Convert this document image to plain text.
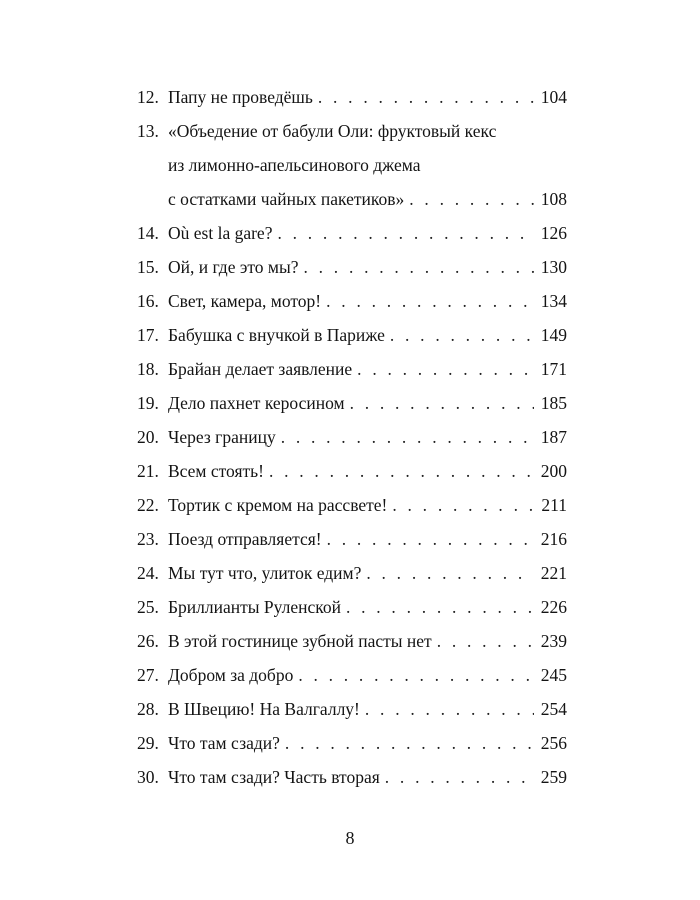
12. Папу не проведёшь . . .	104
13. «Объедение от бабули Оли: фруктовый кекс
из лимонно-апельсинового джема
с остатками чайных пакетиков» . . .	108
14. Où est la gare? . . .	126
15. Ой, и где это мы? . . .	130
16. Свет, камера, мотор! . . .	134
17. Бабушка с внучкой в Париже . . .	149
18. Брайан делает заявление . . .	171
19. Дело пахнет керосином . . .	185
20. Через границу . . .	187
21. Всем стоять! . . .	200
22. Тортик с кремом на рассвете! . . .	211
23. Поезд отправляется! . . .	216
24. Мы тут что, улиток едим? . . .	221
25. Бриллианты Руленской . . .	226
26. В этой гостинице зубной пасты нет . . .	239
27. Добром за добро . . .	245
28. В Швецию! На Валгаллу! . . .	254
29. Что там сзади? . . .	256
30. Что там сзади? Часть вторая . . .	259
8
